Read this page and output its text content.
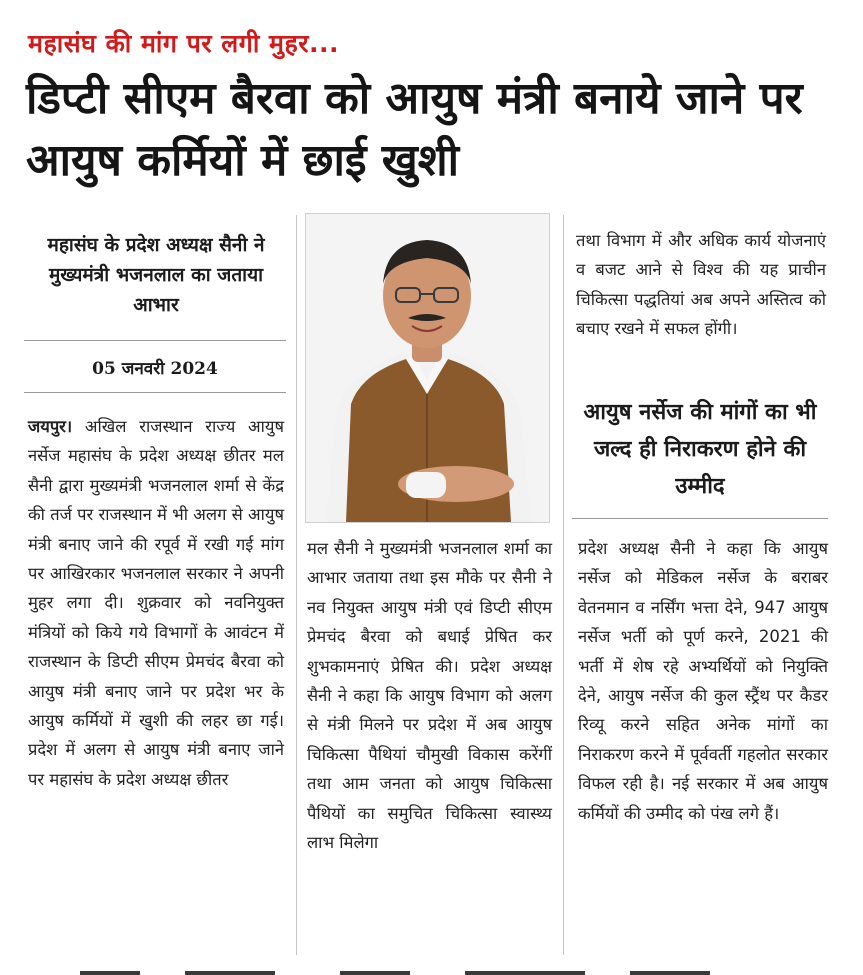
महासंघ की मांग पर लगी मुहर...
डिप्टी सीएम बैरवा को आयुष मंत्री बनाये जाने पर आयुष कर्मियों में छाई खुशी
महासंघ के प्रदेश अध्यक्ष सैनी ने मुख्यमंत्री भजनलाल का जताया आभार
05 जनवरी 2024
जयपुर। अखिल राजस्थान राज्य आयुष नर्सेज महासंघ के प्रदेश अध्यक्ष छीतर मल सैनी द्वारा मुख्यमंत्री भजनलाल शर्मा से केंद्र की तर्ज पर राजस्थान में भी अलग से आयुष मंत्री बनाए जाने की रपूर्व में रखी गई मांग पर आखिरकार भजनलाल सरकार ने अपनी मुहर लगा दी। शुक्रवार को नवनियुक्त मंत्रियों को किये गये विभागों के आवंटन में राजस्थान के डिप्टी सीएम प्रेमचंद बैरवा को आयुष मंत्री बनाए जाने पर प्रदेश भर के आयुष कर्मियों में खुशी की लहर छा गई। प्रदेश में अलग से आयुष मंत्री बनाए जाने पर महासंघ के प्रदेश अध्यक्ष छीतर
मल सैनी ने मुख्यमंत्री भजनलाल शर्मा का आभार जताया तथा इस मौके पर सैनी ने नव नियुक्त आयुष मंत्री एवं डिप्टी सीएम प्रेमचंद बैरवा को बधाई प्रेषित कर शुभकामनाएं प्रेषित की। प्रदेश अध्यक्ष सैनी ने कहा कि आयुष विभाग को अलग से मंत्री मिलने पर प्रदेश में अब आयुष चिकित्सा पैथियां चौमुखी विकास करेंगीं तथा आम जनता को आयुष चिकित्सा पैथियों का समुचित चिकित्सा स्वास्थ्य लाभ मिलेगा
तथा विभाग में और अधिक कार्य योजनाएं व बजट आने से विश्व की यह प्राचीन चिकित्सा पद्धतियां अब अपने अस्तित्व को बचाए रखने में सफल होंगी।
आयुष नर्सेज की मांगों का भी जल्द ही निराकरण होने की उम्मीद
प्रदेश अध्यक्ष सैनी ने कहा कि आयुष नर्सेज को मेडिकल नर्सेज के बराबर वेतनमान व नर्सिंग भत्ता देने, 947 आयुष नर्सेज भर्ती को पूर्ण करने, 2021 की भर्ती में शेष रहे अभ्यर्थियों को नियुक्ति देने, आयुष नर्सेज की कुल स्ट्रैंथ पर कैडर रिव्यू करने सहित अनेक मांगों का निराकरण करने में पूर्ववर्ती गहलोत सरकार विफल रही है। नई सरकार में अब आयुष कर्मियों की उम्मीद को पंख लगे हैं।
